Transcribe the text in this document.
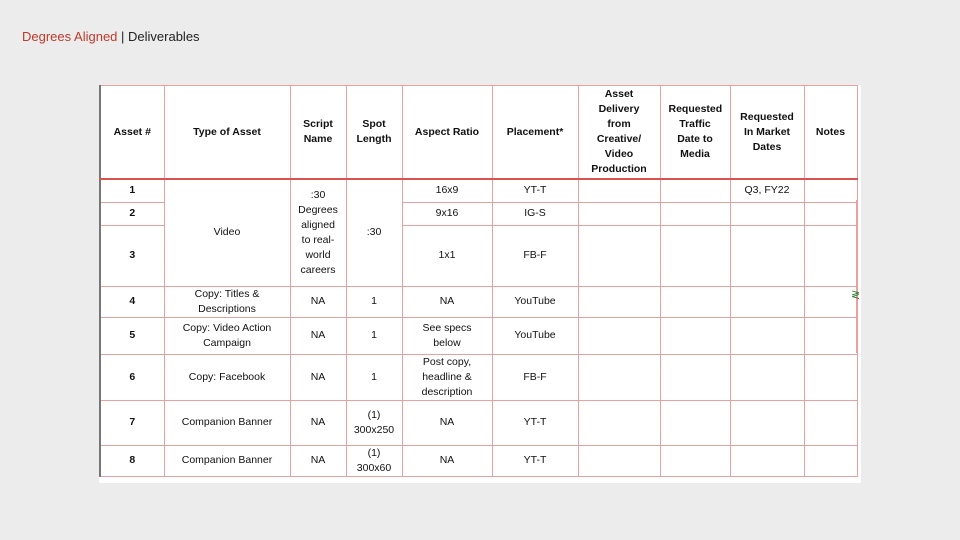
Degrees Aligned | Deliverables
Asset #	Type of Asset	Script Name	Spot Length	Aspect Ratio	Placement*	Asset Delivery from Creative/ Video Production	Requested Traffic Date to Media	Requested In Market Dates	Notes
1	Video	:30 Degrees aligned to real-world careers	:30	16x9	YT-T			Q3, FY22	
2				9x16	IG-S				
3				1x1	FB-F				
4	Copy: Titles & Descriptions	NA	1	NA	YouTube				
5	Copy: Video Action Campaign	NA	1	See specs below	YouTube				
6	Copy: Facebook	NA	1	Post copy, headline & description	FB-F				
7	Companion Banner	NA	(1) 300x250	NA	YT-T				
8	Companion Banner	NA	(1) 300x60	NA	YT-T				
≷
